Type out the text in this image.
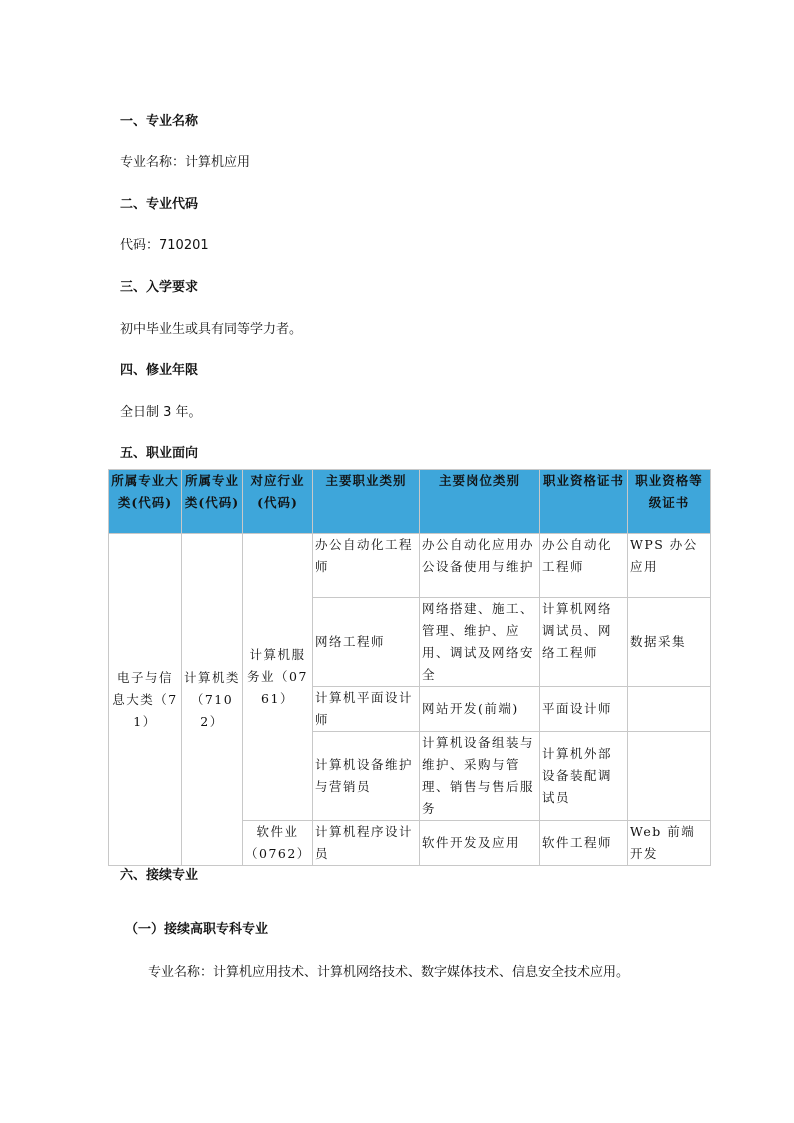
一、专业名称
专业名称：计算机应用
二、专业代码
代码：710201
三、入学要求
初中毕业生或具有同等学力者。
四、修业年限
全日制 3 年。
五、职业面向
所属专业大类(代码)	所属专业类(代码)	对应行业(代码)	主要职业类别	主要岗位类别	职业资格证书	职业资格等级证书

电子与信息大类（71）	计算机类（7102）	计算机服务业（0761）	办公自动化工程师	办公自动化应用办公设备使用与维护	办公自动化工程师	WPS 办公应用

			网络工程师	网络搭建、施工、管理、维护、应用、调试及网络安全	计算机网络调试员、网络工程师	数据采集

			计算机平面设计师	网站开发(前端)	平面设计师	

			计算机设备维护与营销员	计算机设备组装与维护、采购与管理、销售与售后服务	计算机外部设备装配调试员	

		软件业（0762）	计算机程序设计员	软件开发及应用	软件工程师	Web 前端开发
六、接续专业
（一）接续高职专科专业
专业名称：计算机应用技术、计算机网络技术、数字媒体技术、信息安全技术应用。
